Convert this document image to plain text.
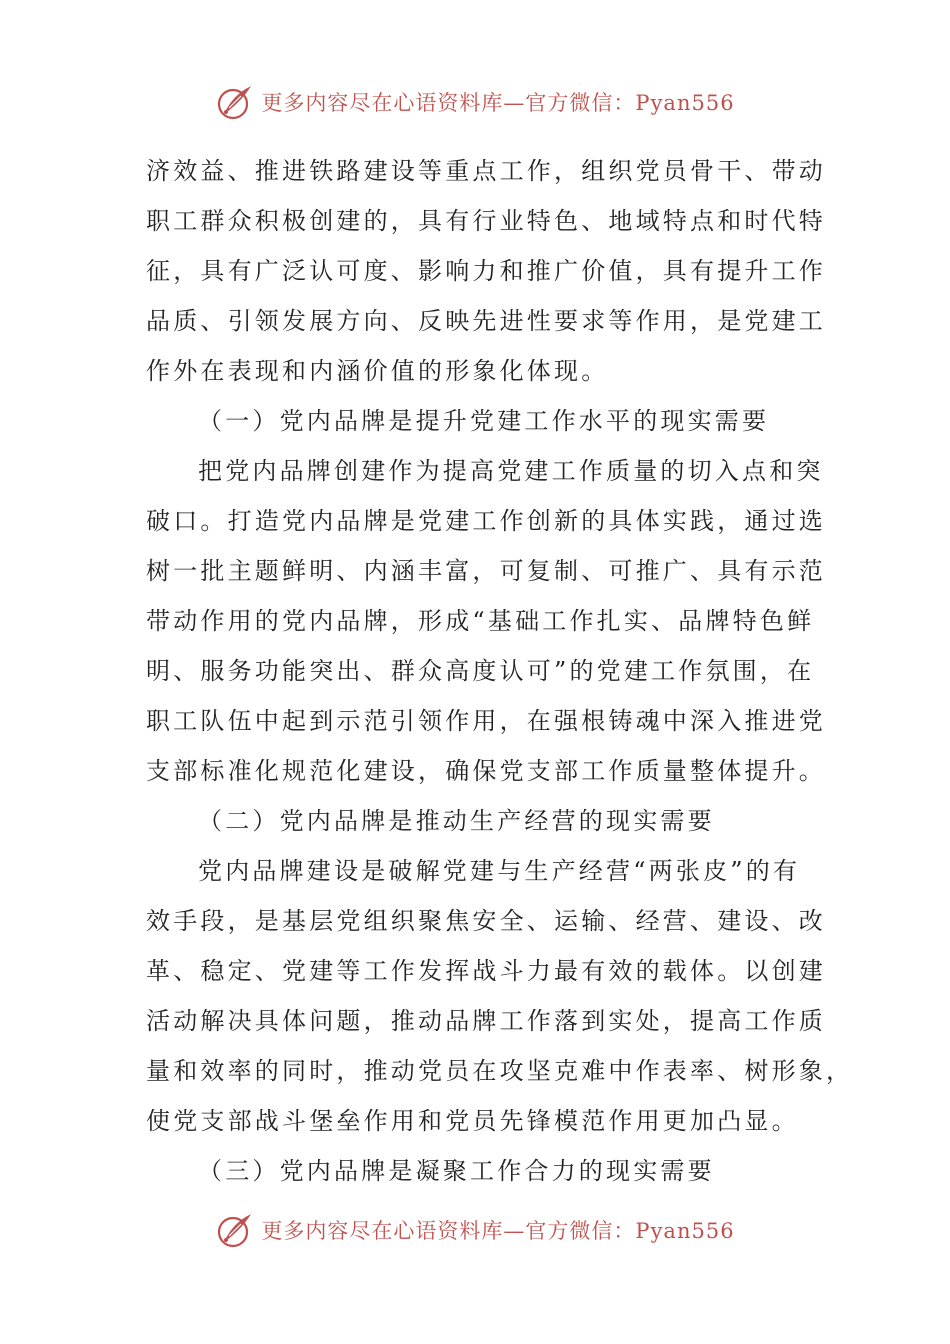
更多内容尽在心语资料库—官方微信：Pyan556
济效益、推进铁路建设等重点工作，组织党员骨干、带动
职工群众积极创建的，具有行业特色、地域特点和时代特
征，具有广泛认可度、影响力和推广价值，具有提升工作
品质、引领发展方向、反映先进性要求等作用，是党建工
作外在表现和内涵价值的形象化体现。
（一）党内品牌是提升党建工作水平的现实需要
把党内品牌创建作为提高党建工作质量的切入点和突
破口。打造党内品牌是党建工作创新的具体实践，通过选
树一批主题鲜明、内涵丰富，可复制、可推广、具有示范
带动作用的党内品牌，形成“基础工作扎实、品牌特色鲜
明、服务功能突出、群众高度认可”的党建工作氛围，在
职工队伍中起到示范引领作用，在强根铸魂中深入推进党
支部标准化规范化建设，确保党支部工作质量整体提升。
（二）党内品牌是推动生产经营的现实需要
党内品牌建设是破解党建与生产经营“两张皮”的有
效手段，是基层党组织聚焦安全、运输、经营、建设、改
革、稳定、党建等工作发挥战斗力最有效的载体。以创建
活动解决具体问题，推动品牌工作落到实处，提高工作质
量和效率的同时，推动党员在攻坚克难中作表率、树形象，
使党支部战斗堡垒作用和党员先锋模范作用更加凸显。
（三）党内品牌是凝聚工作合力的现实需要
更多内容尽在心语资料库—官方微信：Pyan556
